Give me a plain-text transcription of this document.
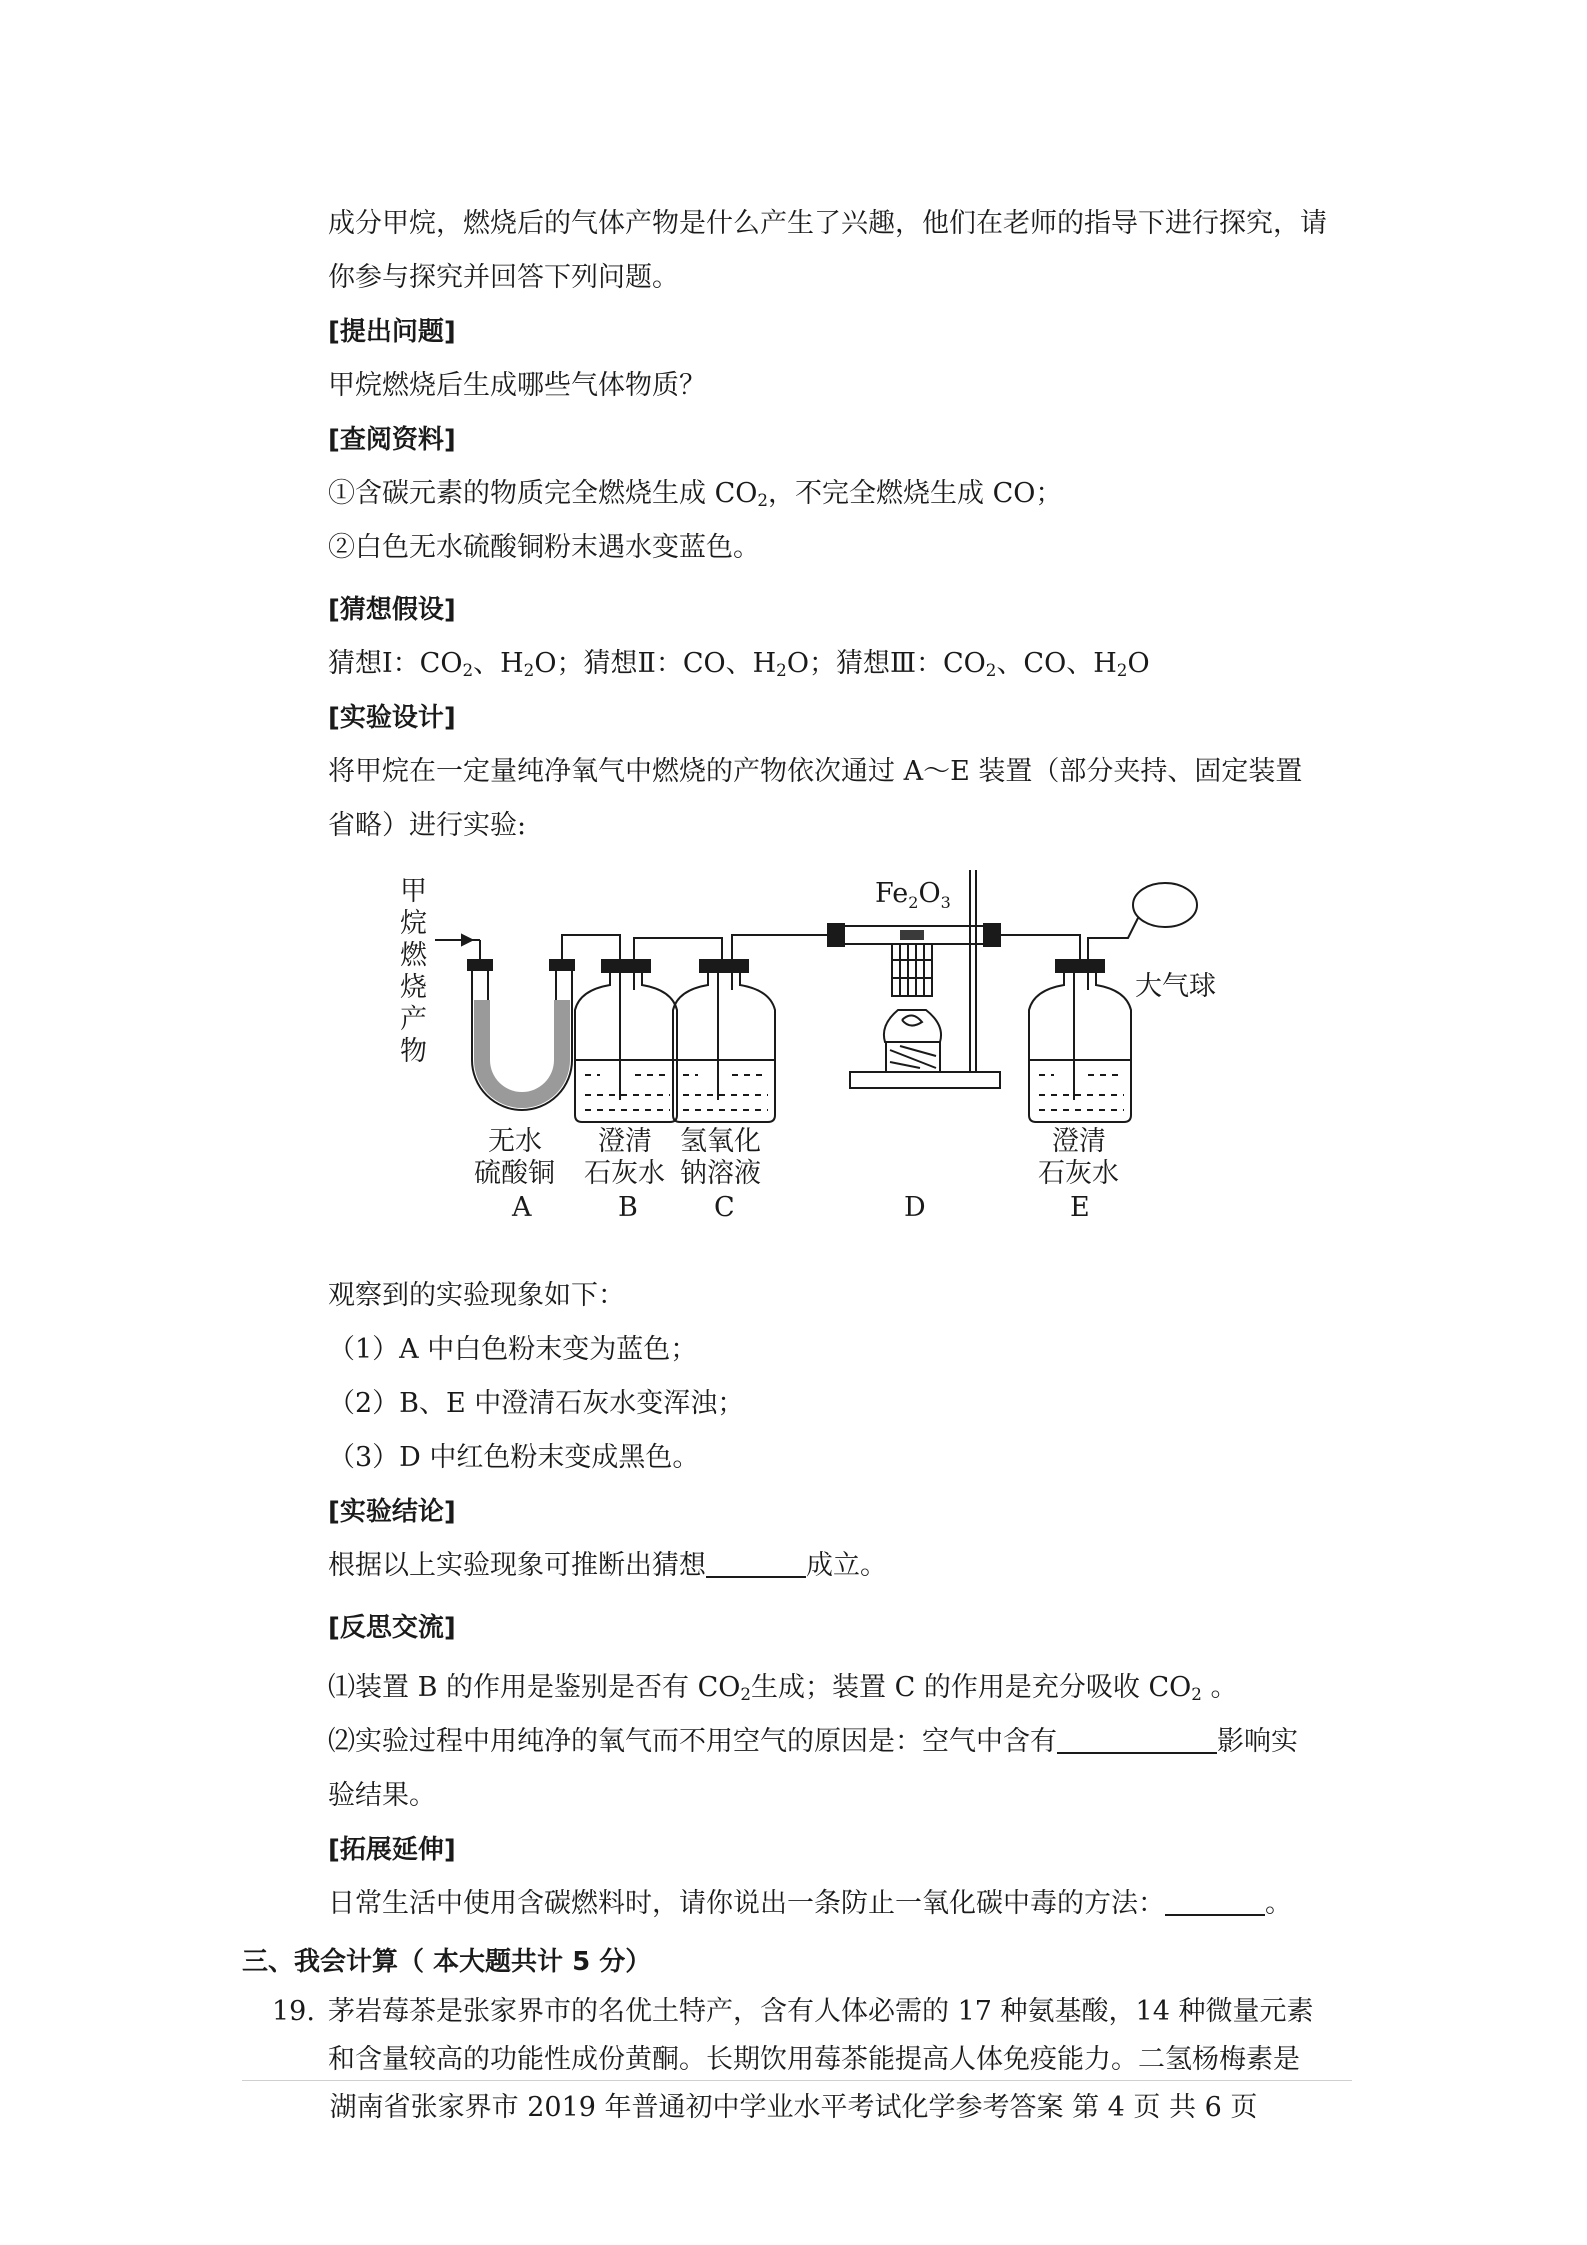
成分甲烷，燃烧后的气体产物是什么产生了兴趣，他们在老师的指导下进行探究，请
你参与探究并回答下列问题。
[提出问题]
甲烷燃烧后生成哪些气体物质？
[查阅资料]
①含碳元素的物质完全燃烧生成 $CO_2$，不完全燃烧生成 CO；
②白色无水硫酸铜粉末遇水变蓝色。
[猜想假设]
猜想Ⅰ：$CO_2$、$H_2O$；猜想Ⅱ：CO、$H_2O$；猜想Ⅲ：$CO_2$、CO、$H_2O$
[实验设计]
将甲烷在一定量纯净氧气中燃烧的产物依次通过 A～E 装置（部分夹持、固定装置
省略）进行实验:
甲
烷
燃
烧
产
物
$Fe_2O_3$
大气球
无水
硫酸铜
澄清
石灰水
氢氧化
钠溶液
澄清
石灰水
A	B	C	D	E
观察到的实验现象如下：
（1）A 中白色粉末变为蓝色；
（2）B、E 中澄清石灰水变浑浊；
（3）D 中红色粉末变成黑色。
[实验结论]
根据以上实验现象可推断出猜想	成立。
[反思交流]
⑴装置 B 的作用是鉴别是否有 $CO_2$生成；装置 C 的作用是充分吸收 $CO_2$ 。
⑵实验过程中用纯净的氧气而不用空气的原因是：空气中含有	影响实
验结果。
[拓展延伸]
日常生活中使用含碳燃料时，请你说出一条防止一氧化碳中毒的方法：	。
三、我会计算（ 本大题共计 5 分）
19. 茅岩莓茶是张家界市的名优土特产，含有人体必需的 17 种氨基酸，14 种微量元素
和含量较高的功能性成份黄酮。长期饮用莓茶能提高人体免疫能力。二氢杨梅素是
湖南省张家界市 2019 年普通初中学业水平考试化学参考答案 第 4 页 共 6 页
